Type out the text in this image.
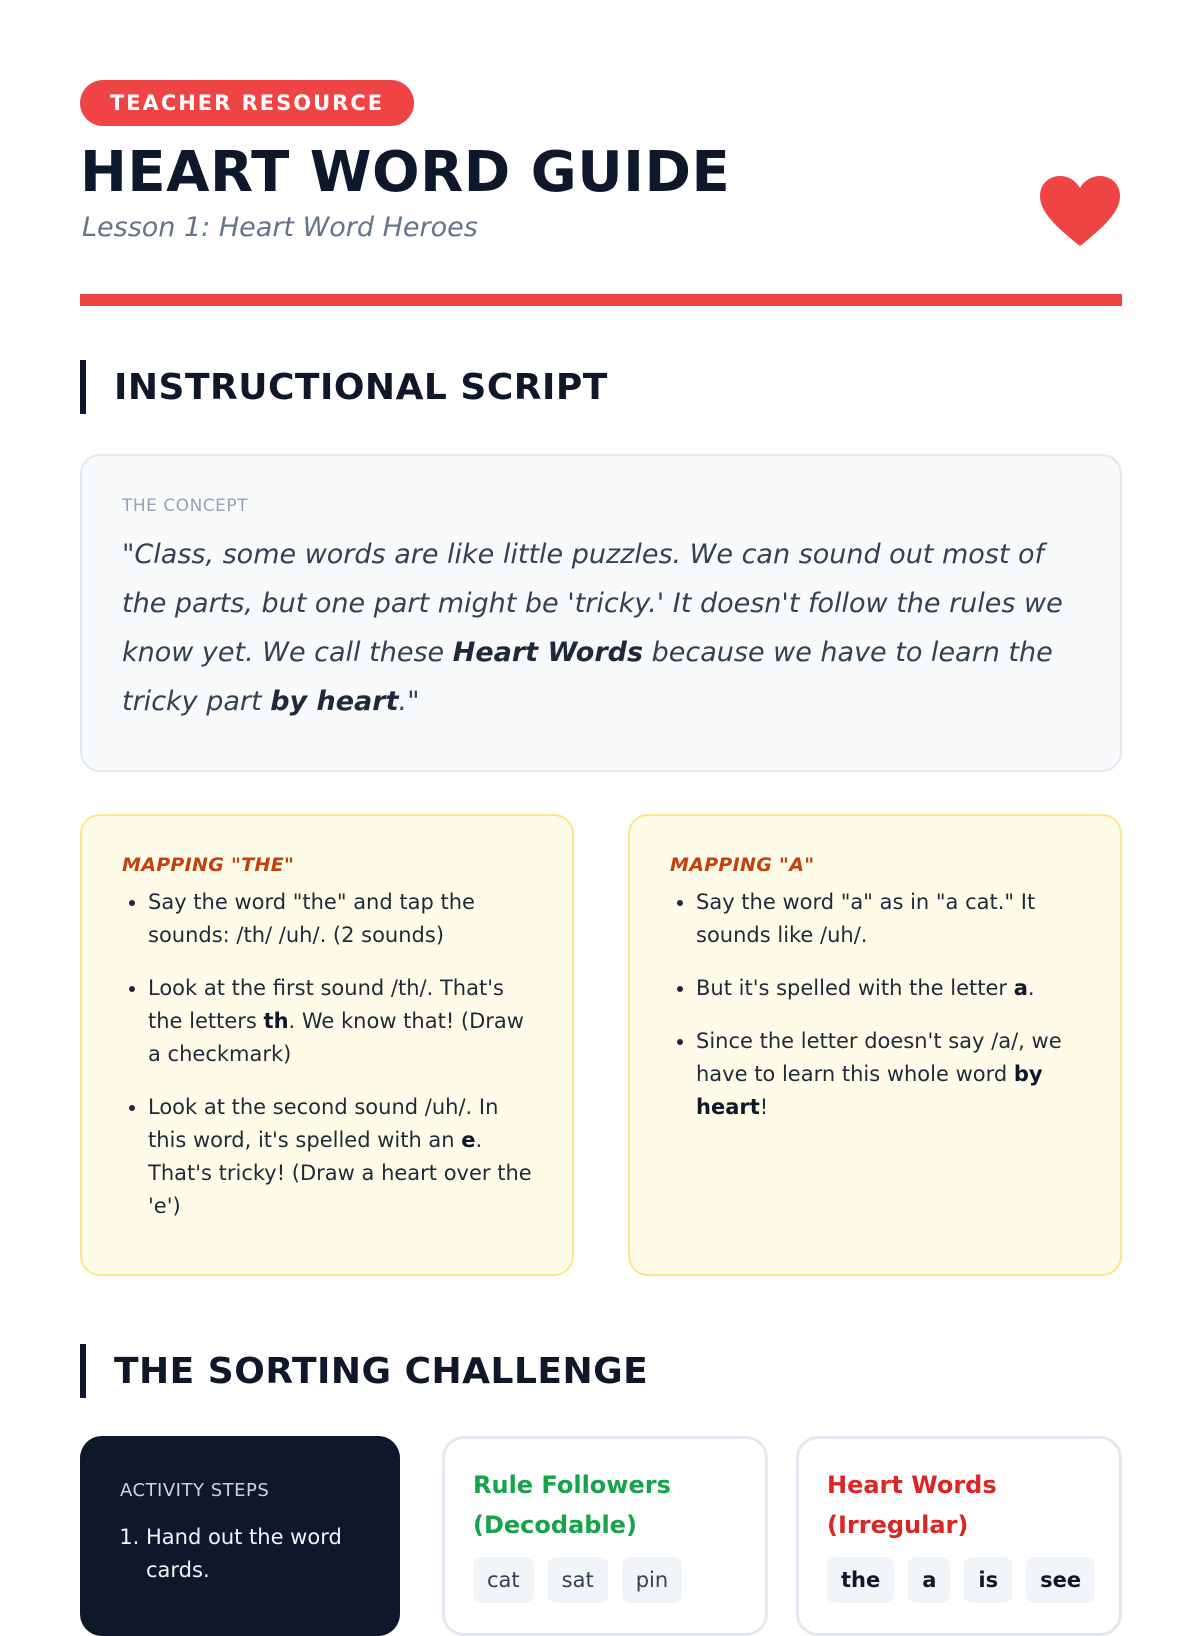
TEACHER RESOURCE
HEART WORD GUIDE

Lesson 1: Heart Word Heroes

INSTRUCTIONAL SCRIPT
THE CONCEPT
"Class, some words are like little puzzles. We can sound out most of the parts, but one part might be 'tricky.' It doesn't follow the rules we know yet. We call these Heart Words because we have to learn the tricky part by heart."
MAPPING "THE"
• Say the word "the" and tap the sounds: /th/ /uh/. (2 sounds)
• Look at the first sound /th/. That's the letters th. We know that! (Draw a checkmark)
• Look at the second sound /uh/. In this word, it's spelled with an e. That's tricky! (Draw a heart over the 'e')
MAPPING "A"
• Say the word "a" as in "a cat." It sounds like /uh/.
• But it's spelled with the letter a.
• Since the letter doesn't say /a/, we have to learn this whole word by heart!
THE SORTING CHALLENGE
ACTIVITY STEPS
1. Hand out the word cards.
Rule Followers
(Decodable)
cat	sat	pin
Heart Words
(Irregular)
the	a	is	see
